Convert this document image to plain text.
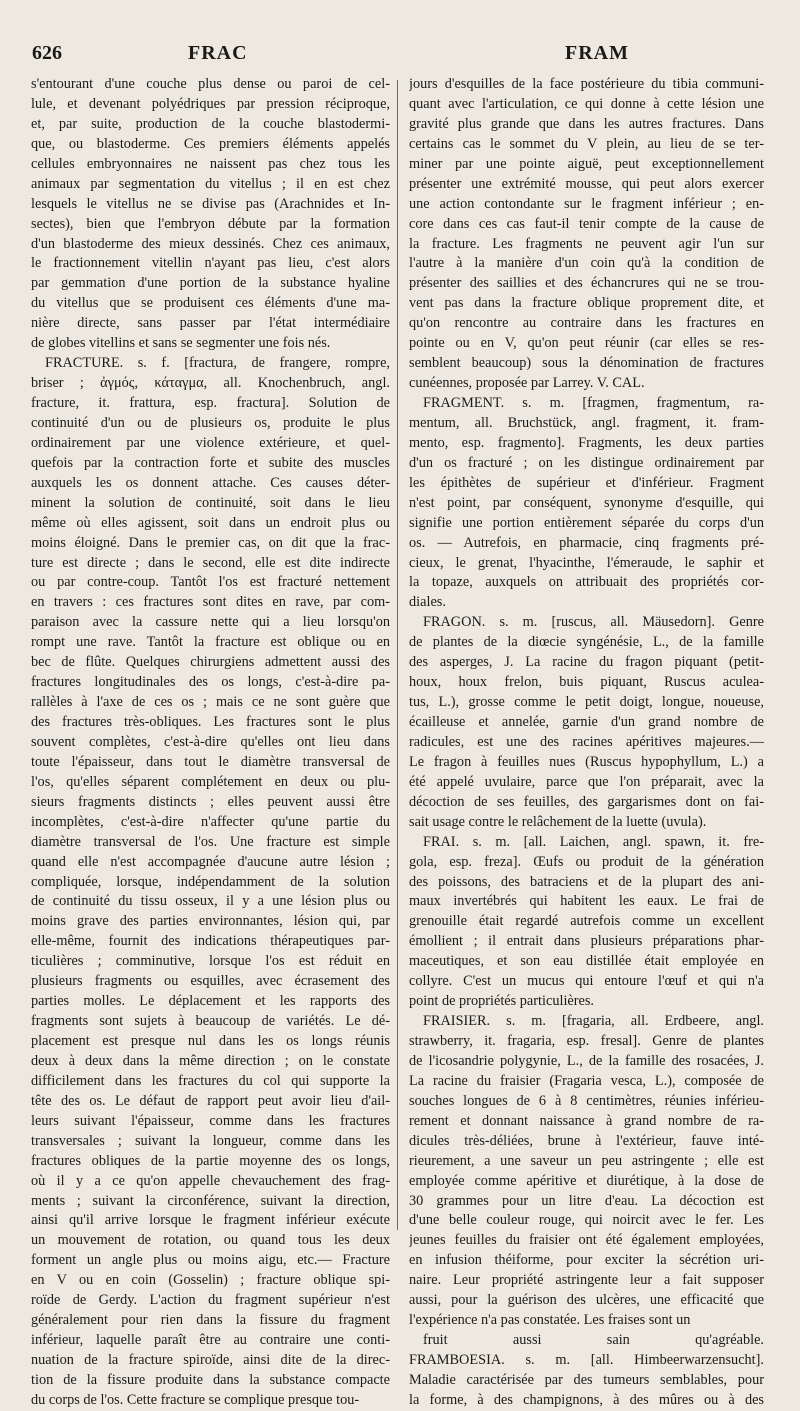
626	FRAC	FRAM
s'entourant d'une couche plus dense ou paroi de cel-
lule, et devenant polyédriques par pression réciproque,
et, par suite, production de la couche blastodermi-
que, ou blastoderme. Ces premiers éléments appelés
cellules embryonnaires ne naissent pas chez tous les
animaux par segmentation du vitellus ; il en est chez
lesquels le vitellus ne se divise pas (Arachnides et In-
sectes), bien que l'embryon débute par la formation
d'un blastoderme des mieux dessinés. Chez ces animaux,
le fractionnement vitellin n'ayant pas lieu, c'est alors
par gemmation d'une portion de la substance hyaline
du vitellus que se produisent ces éléments d'une ma-
nière directe, sans passer par l'état intermédiaire
de globes vitellins et sans se segmenter une fois nés.
FRACTURE. s. f. [fractura, de frangere, rompre,
briser ; ἀγμός, κάταγμα, all. Knochenbruch, angl.
fracture, it. frattura, esp. fractura]. Solution de
continuité d'un ou de plusieurs os, produite le plus
ordinairement par une violence extérieure, et quel-
quefois par la contraction forte et subite des muscles
auxquels les os donnent attache. Ces causes déter-
minent la solution de continuité, soit dans le lieu
même où elles agissent, soit dans un endroit plus ou
moins éloigné. Dans le premier cas, on dit que la frac-
ture est directe ; dans le second, elle est dite indirecte
ou par contre-coup. Tantôt l'os est fracturé nettement
en travers : ces fractures sont dites en rave, par com-
paraison avec la cassure nette qui a lieu lorsqu'on
rompt une rave. Tantôt la fracture est oblique ou en
bec de flûte. Quelques chirurgiens admettent aussi des
fractures longitudinales des os longs, c'est-à-dire pa-
rallèles à l'axe de ces os ; mais ce ne sont guère que
des fractures très-obliques. Les fractures sont le plus
souvent complètes, c'est-à-dire qu'elles ont lieu dans
toute l'épaisseur, dans tout le diamètre transversal de
l'os, qu'elles séparent complétement en deux ou plu-
sieurs fragments distincts ; elles peuvent aussi être
incomplètes, c'est-à-dire n'affecter qu'une partie du
diamètre transversal de l'os. Une fracture est simple
quand elle n'est accompagnée d'aucune autre lésion ;
compliquée, lorsque, indépendamment de la solution
de continuité du tissu osseux, il y a une lésion plus ou
moins grave des parties environnantes, lésion qui, par
elle-même, fournit des indications thérapeutiques par-
ticulières ; comminutive, lorsque l'os est réduit en
plusieurs fragments ou esquilles, avec écrasement des
parties molles. Le déplacement et les rapports des
fragments sont sujets à beaucoup de variétés. Le dé-
placement est presque nul dans les os longs réunis
deux à deux dans la même direction ; on le constate
difficilement dans les fractures du col qui supporte la
tête des os. Le défaut de rapport peut avoir lieu d'ail-
leurs suivant l'épaisseur, comme dans les fractures
transversales ; suivant la longueur, comme dans les
fractures obliques de la partie moyenne des os longs,
où il y a ce qu'on appelle chevauchement des frag-
ments ; suivant la circonférence, suivant la direction,
ainsi qu'il arrive lorsque le fragment inférieur exécute
un mouvement de rotation, ou quand tous les deux
forment un angle plus ou moins aigu, etc.— Fracture
en V ou en coin (Gosselin) ; fracture oblique spi-
roïde de Gerdy. L'action du fragment supérieur n'est
généralement pour rien dans la fissure du fragment
inférieur, laquelle paraît être au contraire une conti-
nuation de la fracture spiroïde, ainsi dite de la direc-
tion de la fissure produite dans la substance compacte
du corps de l'os. Cette fracture se complique presque tou-
jours d'esquilles de la face postérieure du tibia communi-
quant avec l'articulation, ce qui donne à cette lésion une
gravité plus grande que dans les autres fractures. Dans
certains cas le sommet du V plein, au lieu de se ter-
miner par une pointe aiguë, peut exceptionnellement
présenter une extrémité mousse, qui peut alors exercer
une action contondante sur le fragment inférieur ; en-
core dans ces cas faut-il tenir compte de la cause de
la fracture. Les fragments ne peuvent agir l'un sur
l'autre à la manière d'un coin qu'à la condition de
présenter des saillies et des échancrures qui ne se trou-
vent pas dans la fracture oblique proprement dite, et
qu'on rencontre au contraire dans les fractures en
pointe ou en V, qu'on peut réunir (car elles se res-
semblent beaucoup) sous la dénomination de fractures
cunéennes, proposée par Larrey. V. CAL.
FRAGMENT. s. m. [fragmen, fragmentum, ra-
mentum, all. Bruchstück, angl. fragment, it. fram-
mento, esp. fragmento]. Fragments, les deux parties
d'un os fracturé ; on les distingue ordinairement par
les épithètes de supérieur et d'inférieur. Fragment
n'est point, par conséquent, synonyme d'esquille, qui
signifie une portion entièrement séparée du corps d'un
os. — Autrefois, en pharmacie, cinq fragments pré-
cieux, le grenat, l'hyacinthe, l'émeraude, le saphir et
la topaze, auxquels on attribuait des propriétés cor-
diales.
FRAGON. s. m. [ruscus, all. Mäusedorn]. Genre
de plantes de la diœcie syngénésie, L., de la famille
des asperges, J. La racine du fragon piquant (petit-
houx, houx frelon, buis piquant, Ruscus aculea-
tus, L.), grosse comme le petit doigt, longue, noueuse,
écailleuse et annelée, garnie d'un grand nombre de
radicules, est une des racines apéritives majeures.—
Le fragon à feuilles nues (Ruscus hypophyllum, L.) a
été appelé uvulaire, parce que l'on préparait, avec la
décoction de ses feuilles, des gargarismes dont on fai-
sait usage contre le relâchement de la luette (uvula).
FRAI. s. m. [all. Laichen, angl. spawn, it. fre-
gola, esp. freza]. Œufs ou produit de la génération
des poissons, des batraciens et de la plupart des ani-
maux invertébrés qui habitent les eaux. Le frai de
grenouille était regardé autrefois comme un excellent
émollient ; il entrait dans plusieurs préparations phar-
maceutiques, et son eau distillée était employée en
collyre. C'est un mucus qui entoure l'œuf et qui n'a
point de propriétés particulières.
FRAISIER. s. m. [fragaria, all. Erdbeere, angl.
strawberry, it. fragaria, esp. fresal]. Genre de plantes
de l'icosandrie polygynie, L., de la famille des rosacées, J.
La racine du fraisier (Fragaria vesca, L.), composée de
souches longues de 6 à 8 centimètres, réunies inférieu-
rement et donnant naissance à grand nombre de ra-
dicules très-déliées, brune à l'extérieur, fauve inté-
rieurement, a une saveur un peu astringente ; elle est
employée comme apéritive et diurétique, à la dose de
30 grammes pour un litre d'eau. La décoction est
d'une belle couleur rouge, qui noircit avec le fer. Les
jeunes feuilles du fraisier ont été également employées,
en infusion théiforme, pour exciter la sécrétion uri-
naire. Leur propriété astringente leur a fait supposer
aussi, pour la guérison des ulcères, une efficacité que
l'expérience n'a pas constatée. Les fraises sont un
fruit aussi sain qu'agréable.
FRAMBOESIA. s. m. [all. Himbeerwarzensucht].
Maladie caractérisée par des tumeurs semblables, pour
la forme, à des champignons, à des mûres ou à des
